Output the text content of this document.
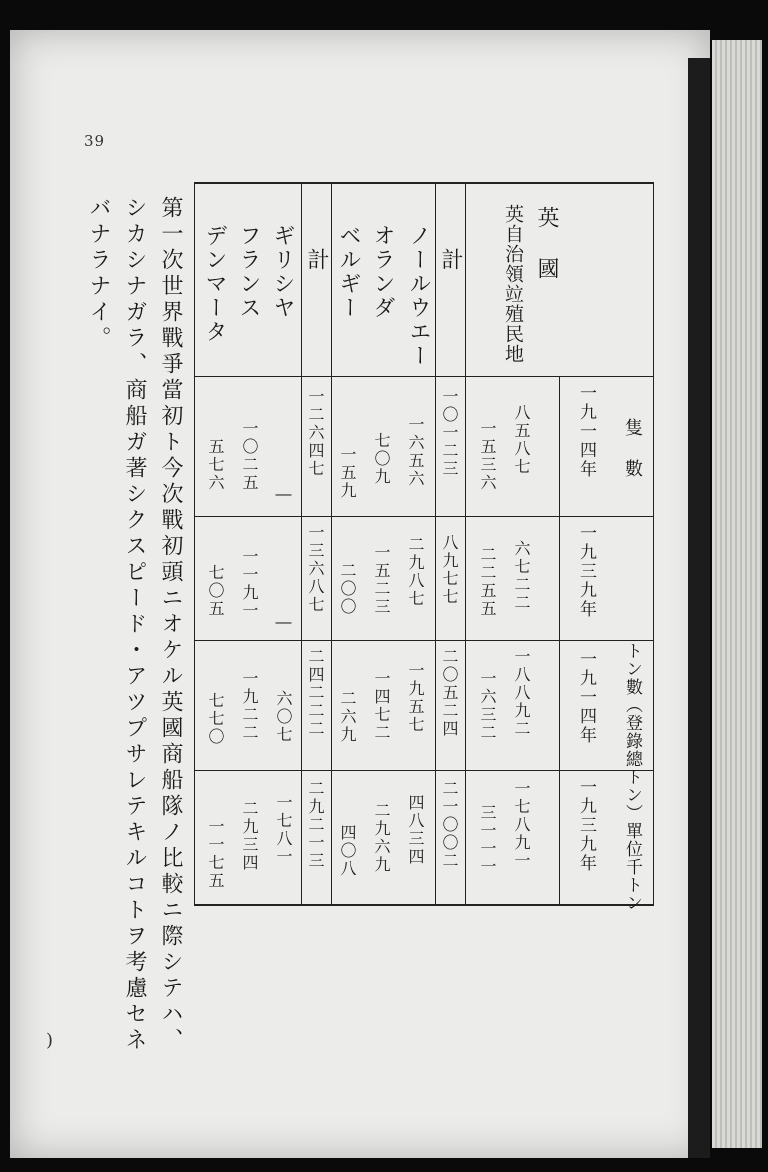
39
隻 數
トン數（登錄總トン）單位千トン
一九一四年
一九三九年
一九一四年
一九三九年
英 國
英自治領竝殖民地
計
ノールウエー
オランダ
ベルギー
計
ギリシヤ
フランス
デンマータ
八五八七
六七二二
一八八九二
一七八九一
一五三六
二二五五
一六三二
三一一一
一〇一二三
八九七七
二〇五二四
二一〇〇二
一六五六
二九八七
一九五七
四八三四
七〇九
一五二三
一四七二
二九六九
一五九
二〇〇
二六九
四〇八
一二六四七
一三六八七
二四二二二
二九二一三
―
―
六〇七
一七八一
一〇二五
一一九一
一九二二
二九三四
五七六
七〇五
七七〇
一一七五
第一次世界戰爭當初ト今次戰初頭ニオケル英國商船隊ノ比較ニ際シテハ、シカシナガラ、商船ガ著シクスピード・アツプサレテキルコトヲ考慮セネバナラナイ。
)
